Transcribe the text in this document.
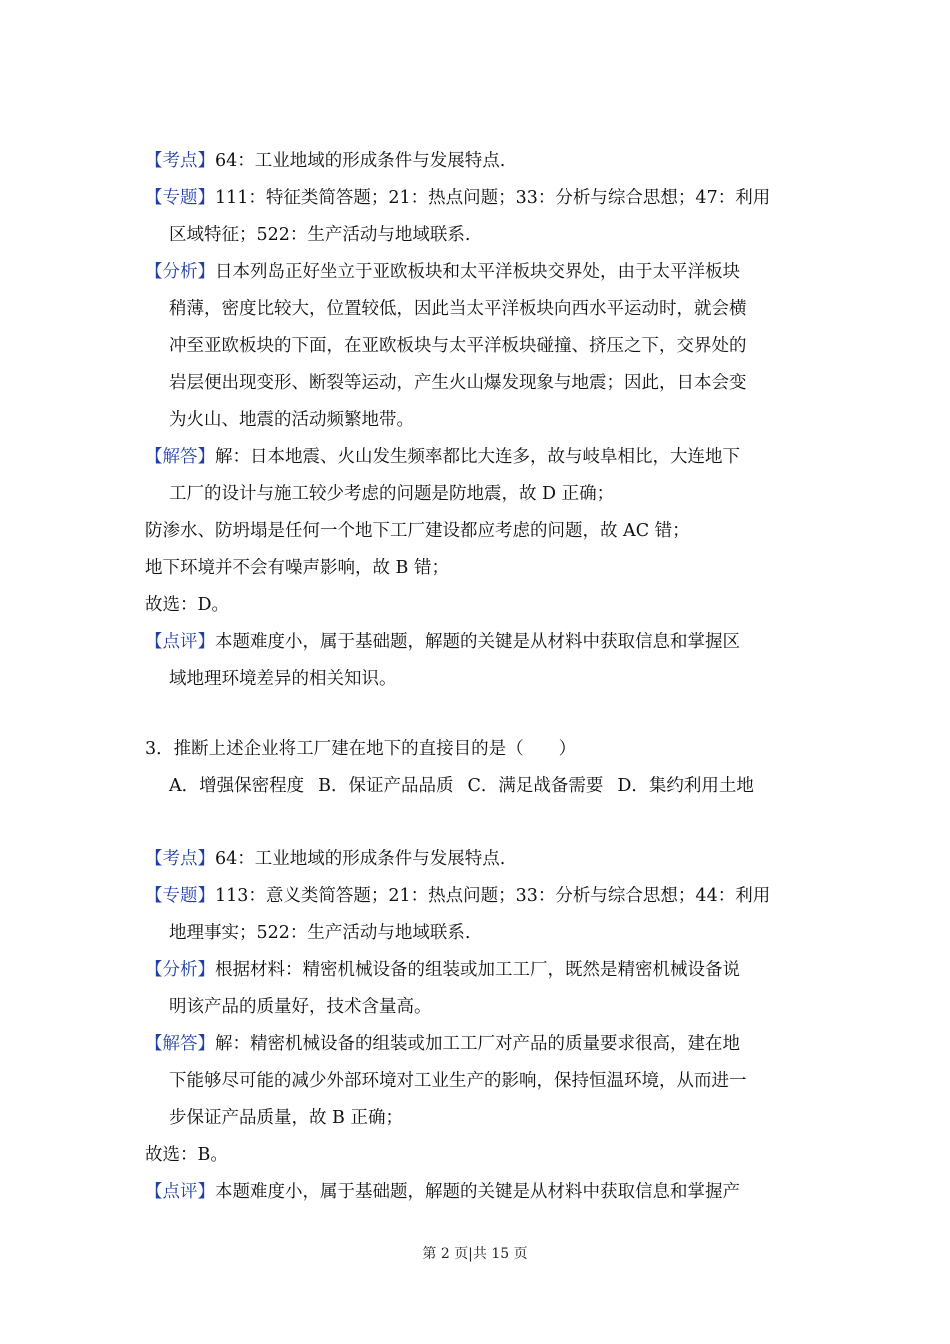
【考点】64：工业地域的形成条件与发展特点.
【专题】111：特征类简答题；21：热点问题；33：分析与综合思想；47：利用
区域特征；522：生产活动与地域联系.
【分析】日本列岛正好坐立于亚欧板块和太平洋板块交界处，由于太平洋板块
稍薄，密度比较大，位置较低，因此当太平洋板块向西水平运动时，就会横
冲至亚欧板块的下面，在亚欧板块与太平洋板块碰撞、挤压之下，交界处的
岩层便出现变形、断裂等运动，产生火山爆发现象与地震；因此，日本会变
为火山、地震的活动频繁地带。
【解答】解：日本地震、火山发生频率都比大连多，故与岐阜相比，大连地下
工厂的设计与施工较少考虑的问题是防地震，故 D 正确；
防渗水、防坍塌是任何一个地下工厂建设都应考虑的问题，故 AC 错；
地下环境并不会有噪声影响，故 B 错；
故选：D。
【点评】本题难度小，属于基础题，解题的关键是从材料中获取信息和掌握区
域地理环境差异的相关知识。
3．推断上述企业将工厂建在地下的直接目的是（　　）
A．增强保密程度 B．保证产品品质 C．满足战备需要 D．集约利用土地
【考点】64：工业地域的形成条件与发展特点.
【专题】113：意义类简答题；21：热点问题；33：分析与综合思想；44：利用
地理事实；522：生产活动与地域联系.
【分析】根据材料：精密机械设备的组装或加工工厂，既然是精密机械设备说
明该产品的质量好，技术含量高。
【解答】解：精密机械设备的组装或加工工厂对产品的质量要求很高，建在地
下能够尽可能的减少外部环境对工业生产的影响，保持恒温环境，从而进一
步保证产品质量，故 B 正确；
故选：B。
【点评】本题难度小，属于基础题，解题的关键是从材料中获取信息和掌握产
第 2 页|共 15 页
